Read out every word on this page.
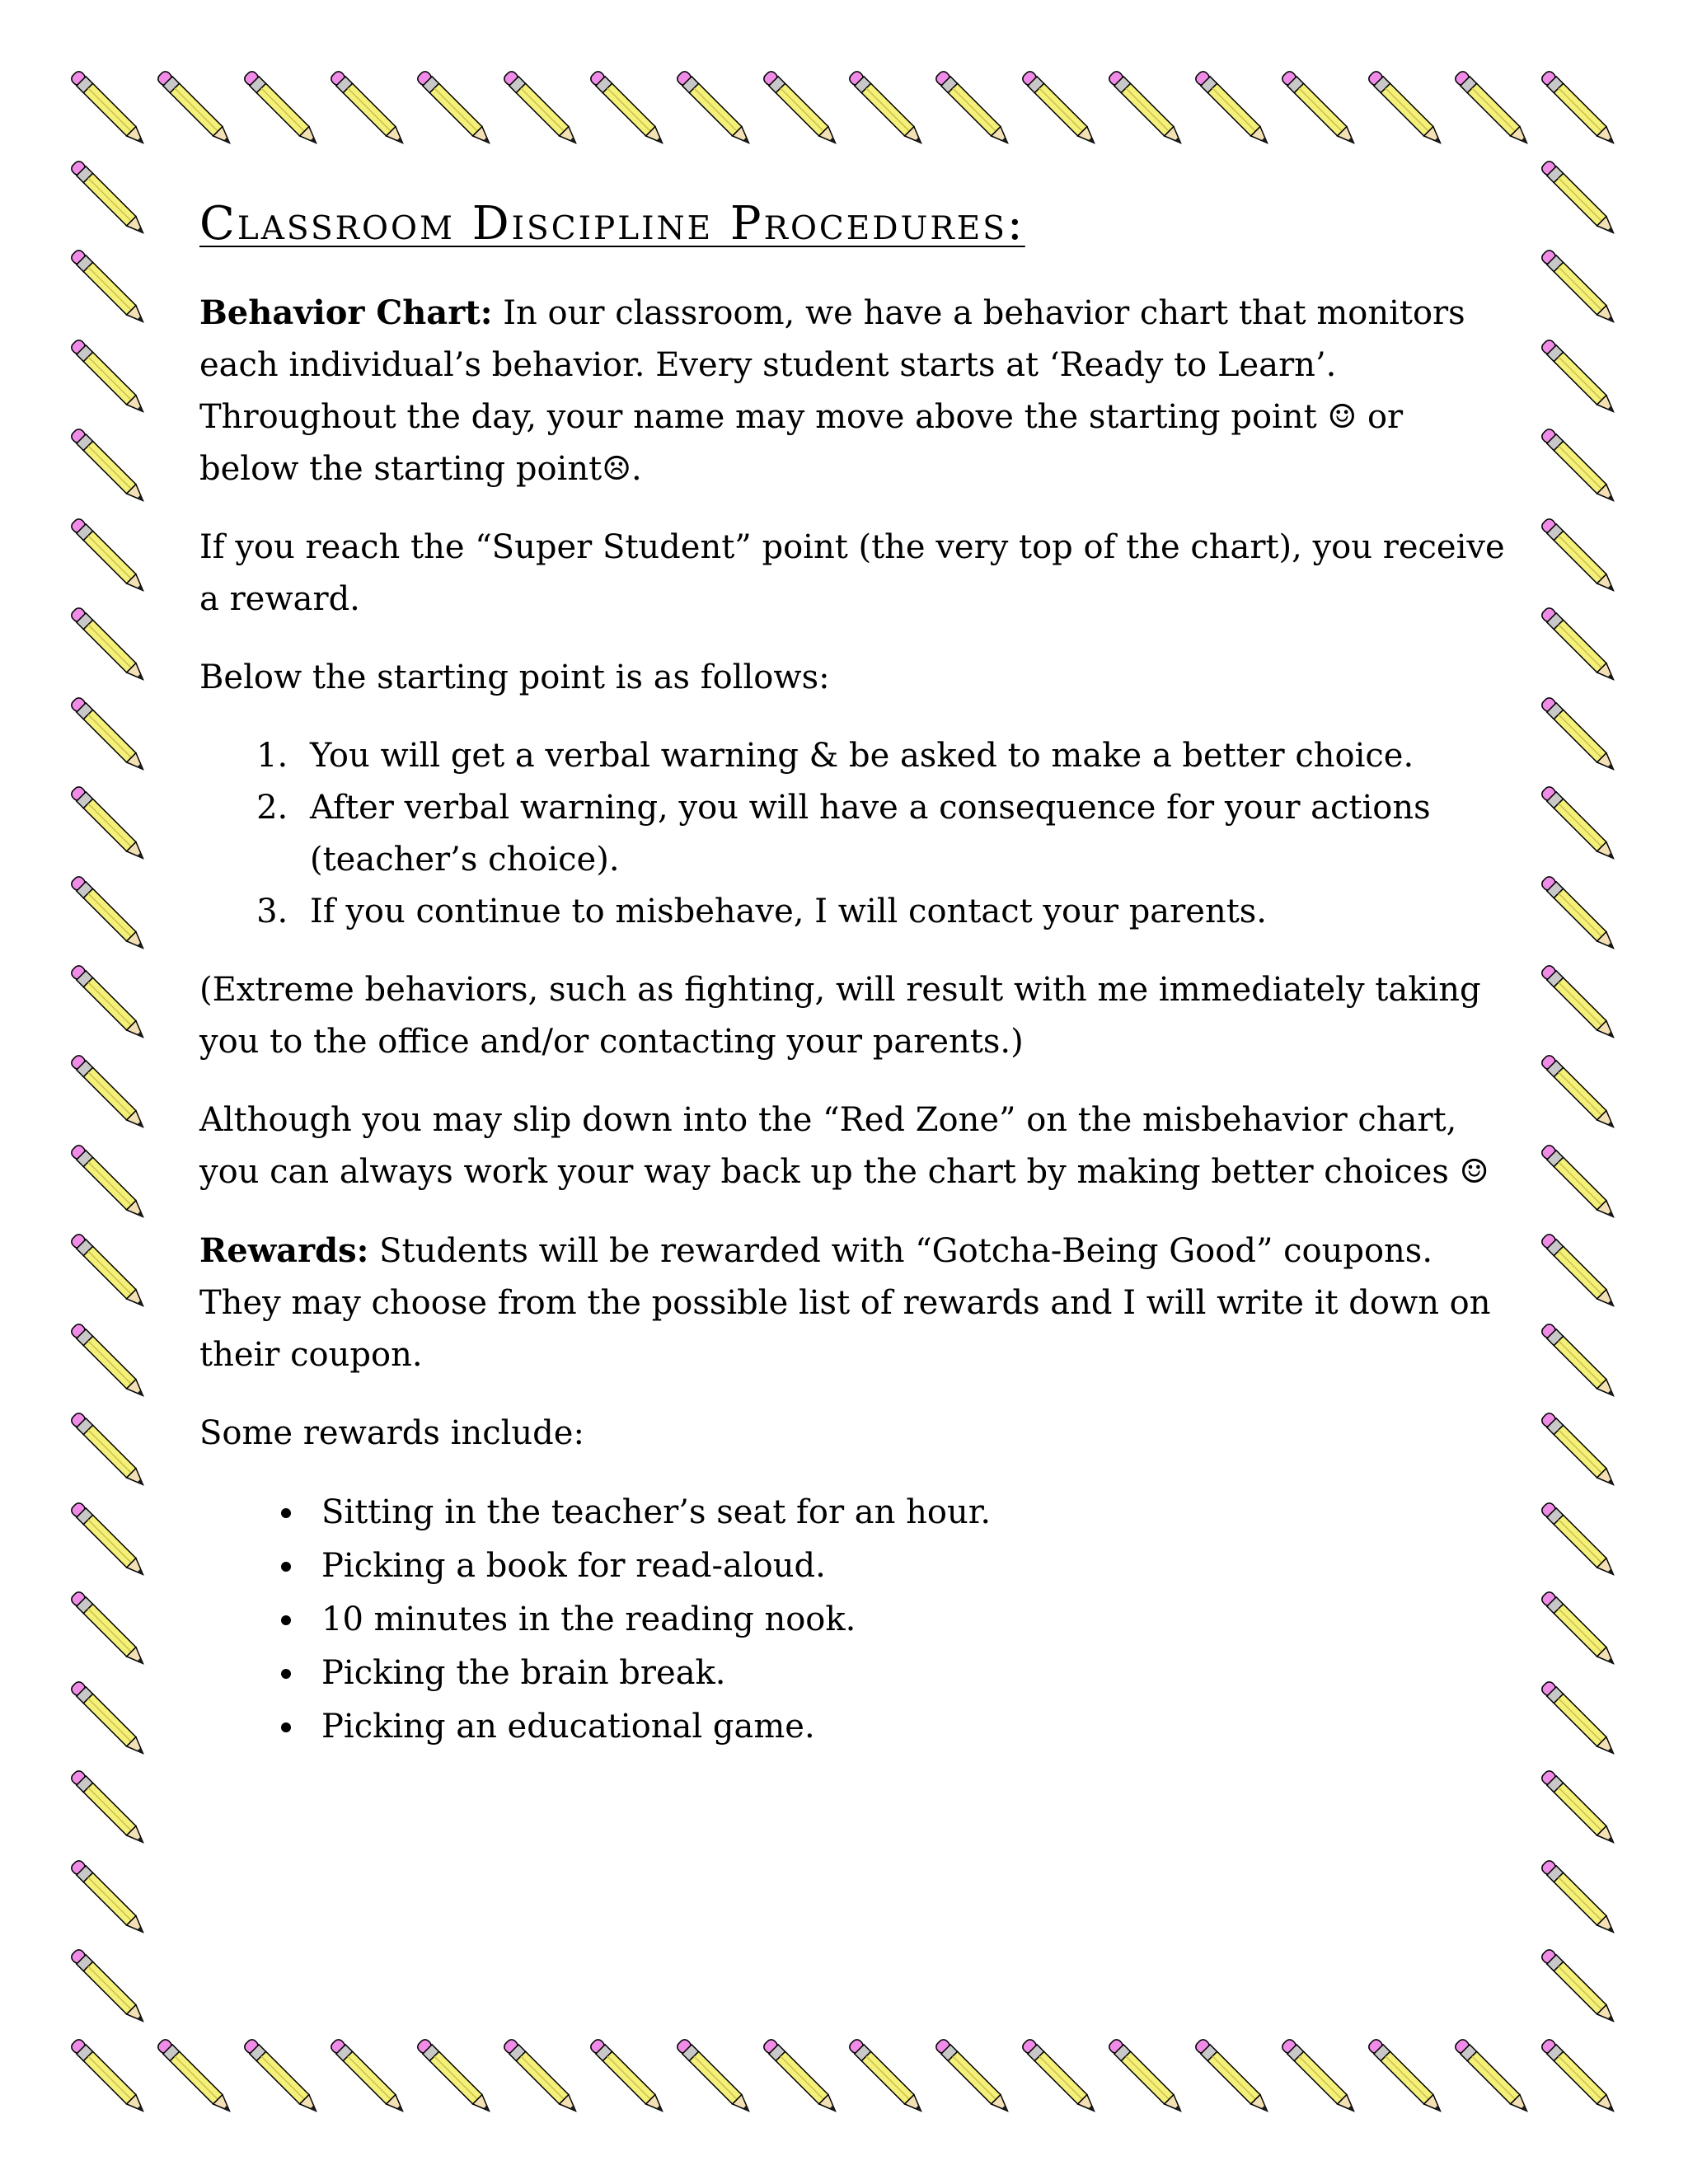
Classroom Discipline Procedures:

Behavior Chart: In our classroom, we have a behavior chart that monitors each individual’s behavior. Every student starts at ‘Ready to Learn’. Throughout the day, your name may move above the starting point ☺ or below the starting point☹.

If you reach the “Super Student” point (the very top of the chart), you receive a reward.

Below the starting point is as follows:

1. You will get a verbal warning & be asked to make a better choice.
2. After verbal warning, you will have a consequence for your actions (teacher’s choice).
3. If you continue to misbehave, I will contact your parents.

(Extreme behaviors, such as fighting, will result with me immediately taking you to the office and/or contacting your parents.)

Although you may slip down into the “Red Zone” on the misbehavior chart, you can always work your way back up the chart by making better choices ☺

Rewards: Students will be rewarded with “Gotcha-Being Good” coupons. They may choose from the possible list of rewards and I will write it down on their coupon.

Some rewards include:

• Sitting in the teacher’s seat for an hour.
• Picking a book for read-aloud.
• 10 minutes in the reading nook.
• Picking the brain break.
• Picking an educational game.
